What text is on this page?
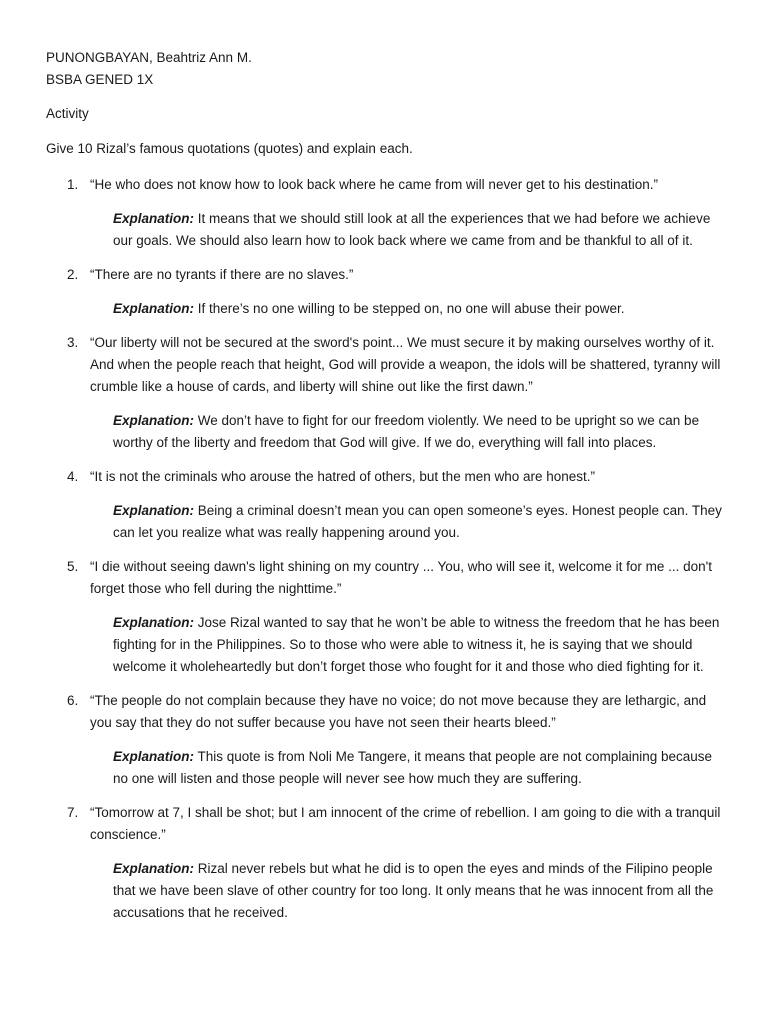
PUNONGBAYAN, Beahtriz Ann M.

BSBA GENED 1X

Activity

Give 10 Rizal’s famous quotations (quotes) and explain each.

1. “He who does not know how to look back where he came from will never get to his destination.”

Explanation: It means that we should still look at all the experiences that we had before we achieve our goals. We should also learn how to look back where we came from and be thankful to all of it.

2. “There are no tyrants if there are no slaves.”

Explanation: If there’s no one willing to be stepped on, no one will abuse their power.

3. “Our liberty will not be secured at the sword's point... We must secure it by making ourselves worthy of it. And when the people reach that height, God will provide a weapon, the idols will be shattered, tyranny will crumble like a house of cards, and liberty will shine out like the first dawn.”

Explanation: We don’t have to fight for our freedom violently. We need to be upright so we can be worthy of the liberty and freedom that God will give. If we do, everything will fall into places.

4. “It is not the criminals who arouse the hatred of others, but the men who are honest.”

Explanation: Being a criminal doesn’t mean you can open someone’s eyes. Honest people can. They can let you realize what was really happening around you.

5. “I die without seeing dawn's light shining on my country ... You, who will see it, welcome it for me ... don't forget those who fell during the nighttime.”

Explanation: Jose Rizal wanted to say that he won’t be able to witness the freedom that he has been fighting for in the Philippines. So to those who were able to witness it, he is saying that we should welcome it wholeheartedly but don’t forget those who fought for it and those who died fighting for it.

6. “The people do not complain because they have no voice; do not move because they are lethargic, and you say that they do not suffer because you have not seen their hearts bleed.”

Explanation: This quote is from Noli Me Tangere, it means that people are not complaining because no one will listen and those people will never see how much they are suffering.

7. “Tomorrow at 7, I shall be shot; but I am innocent of the crime of rebellion. I am going to die with a tranquil conscience.”

Explanation: Rizal never rebels but what he did is to open the eyes and minds of the Filipino people that we have been slave of other country for too long. It only means that he was innocent from all the accusations that he received.
